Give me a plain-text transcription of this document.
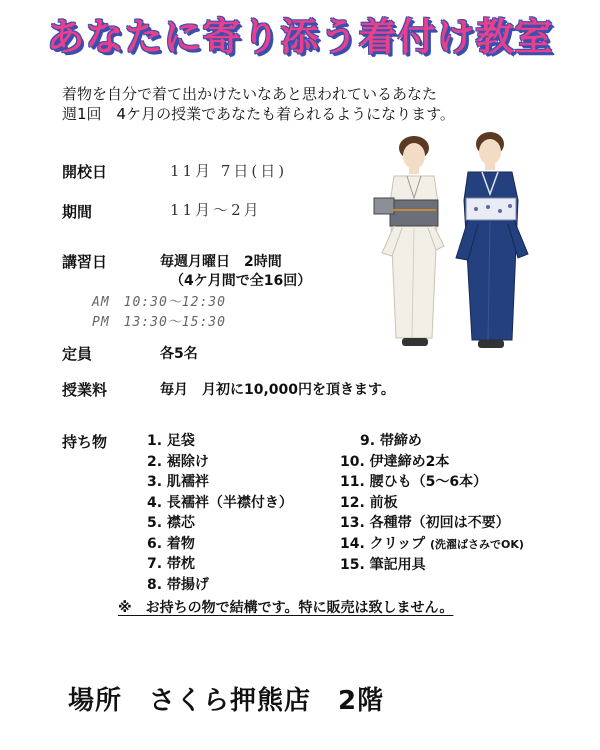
あなたに寄り添う着付け教室
着物を自分で着て出かけたいなあと思われているあなた
週1回　4ケ月の授業であなたも着られるようになります。
開校日	11月 7日(日)
期間	11月〜2月
講習日	毎週月曜日　2時間
（4ケ月間で全16回）
AM　10:30〜12:30
PM　13:30〜15:30
定員	各5名
授業料	毎月　月初に10,000円を頂きます。
持ち物	1. 足袋
2. 裾除け
3. 肌襦袢
4. 長襦袢（半襟付き）
5. 襟芯
6. 着物
7. 帯枕
8. 帯揚げ
9. 帯締め
10. 伊達締め2本
11. 腰ひも（5〜6本）
12. 前板
13. 各種帯（初回は不要）
14. クリップ (洗濯ばさみでOK)
15. 筆記用具
※　お持ちの物で結構です。特に販売は致しません。
場所　さくら押熊店　2階
